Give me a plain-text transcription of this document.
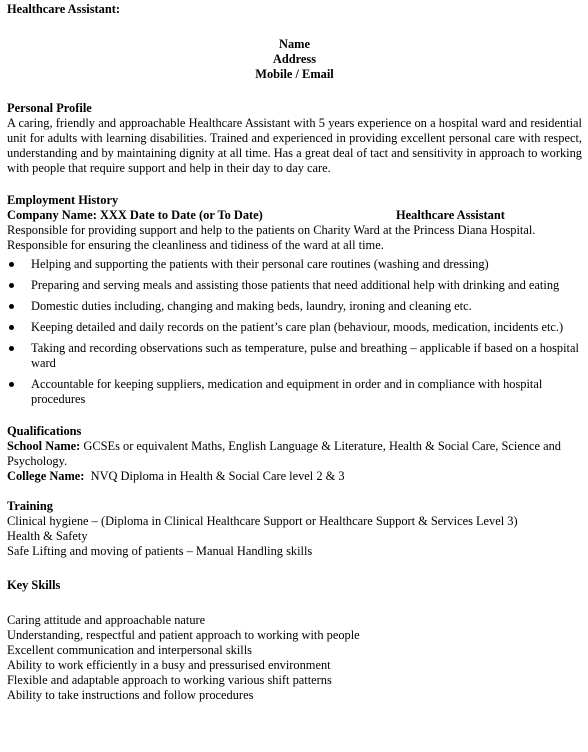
Healthcare Assistant:
Name
Address
Mobile / Email
Personal Profile
A caring, friendly and approachable Healthcare Assistant with 5 years experience on a hospital ward and residential unit for adults with learning disabilities. Trained and experienced in providing excellent personal care with respect, understanding and by maintaining dignity at all time. Has a great deal of tact and sensitivity in approach to working with people that require support and help in their day to day care.
Employment History
Company Name: XXX Date to Date (or To Date)	Healthcare Assistant
Responsible for providing support and help to the patients on Charity Ward at the Princess Diana Hospital.
Responsible for ensuring the cleanliness and tidiness of the ward at all time.
Helping and supporting the patients with their personal care routines (washing and dressing)
Preparing and serving meals and assisting those patients that need additional help with drinking and eating
Domestic duties including, changing and making beds, laundry, ironing and cleaning etc.
Keeping detailed and daily records on the patient’s care plan (behaviour, moods, medication, incidents etc.)
Taking and recording observations such as temperature, pulse and breathing – applicable if based on a hospital ward
Accountable for keeping suppliers, medication and equipment in order and in compliance with hospital procedures
Qualifications
School Name: GCSEs or equivalent Maths, English Language & Literature, Health & Social Care, Science and Psychology.
College Name:  NVQ Diploma in Health & Social Care level 2 & 3
Training
Clinical hygiene – (Diploma in Clinical Healthcare Support or Healthcare Support & Services Level 3)
Health & Safety
Safe Lifting and moving of patients – Manual Handling skills
Key Skills
Caring attitude and approachable nature
Understanding, respectful and patient approach to working with people
Excellent communication and interpersonal skills
Ability to work efficiently in a busy and pressurised environment
Flexible and adaptable approach to working various shift patterns
Ability to take instructions and follow procedures
